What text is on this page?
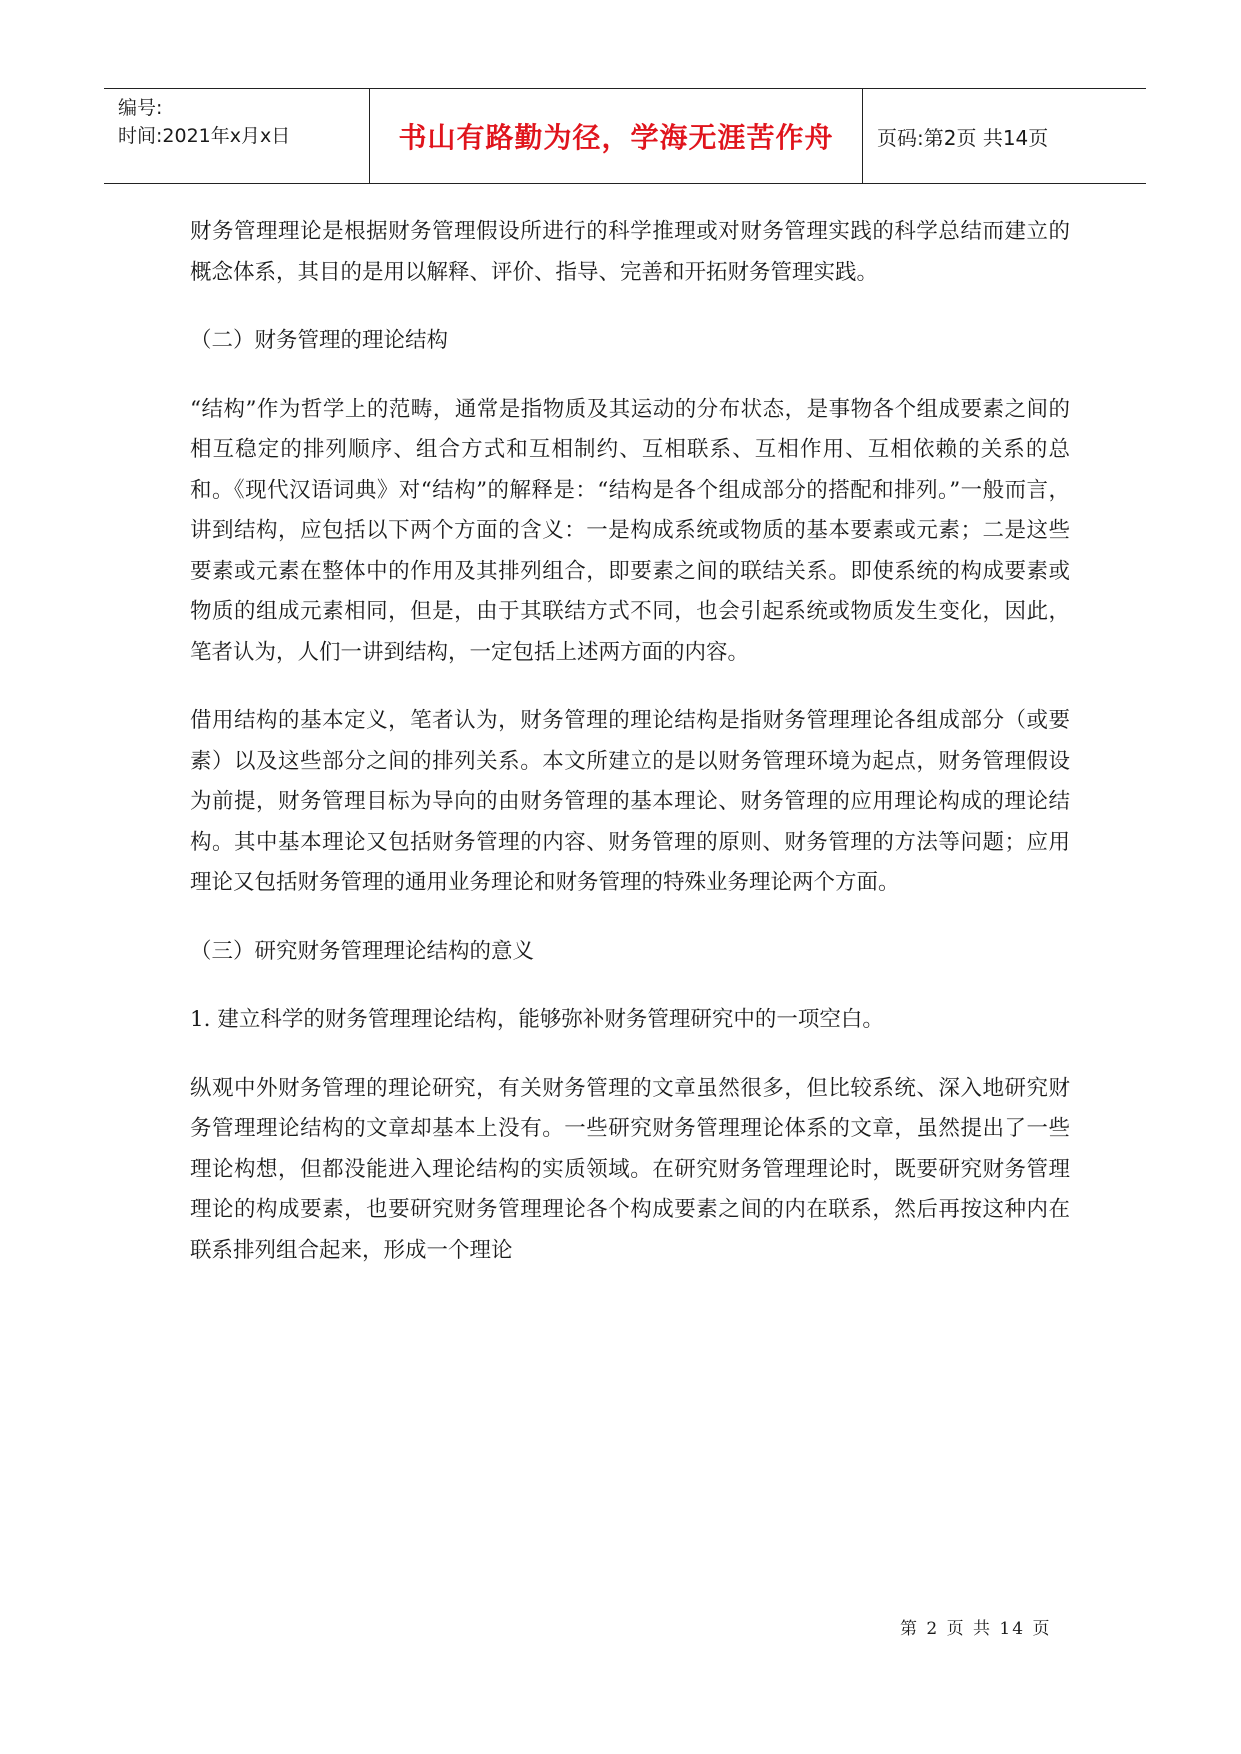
编号:
时间:2021年x月x日	书山有路勤为径，学海无涯苦作舟 页码:第2页 共14页

财务管理理论是根据财务管理假设所进行的科学推理或对财务管理实践的科学总结而建立的概念体系，其目的是用以解释、评价、指导、完善和开拓财务管理实践。

（二）财务管理的理论结构

“结构”作为哲学上的范畴，通常是指物质及其运动的分布状态，是事物各个组成要素之间的相互稳定的排列顺序、组合方式和互相制约、互相联系、互相作用、互相依赖的关系的总和。《现代汉语词典》对“结构”的解释是：“结构是各个组成部分的搭配和排列。”一般而言，讲到结构，应包括以下两个方面的含义：一是构成系统或物质的基本要素或元素；二是这些要素或元素在整体中的作用及其排列组合，即要素之间的联结关系。即使系统的构成要素或物质的组成元素相同，但是，由于其联结方式不同，也会引起系统或物质发生变化，因此，笔者认为，人们一讲到结构，一定包括上述两方面的内容。

借用结构的基本定义，笔者认为，财务管理的理论结构是指财务管理理论各组成部分（或要素）以及这些部分之间的排列关系。本文所建立的是以财务管理环境为起点，财务管理假设为前提，财务管理目标为导向的由财务管理的基本理论、财务管理的应用理论构成的理论结构。其中基本理论又包括财务管理的内容、财务管理的原则、财务管理的方法等问题；应用理论又包括财务管理的通用业务理论和财务管理的特殊业务理论两个方面。

（三）研究财务管理理论结构的意义

1. 建立科学的财务管理理论结构，能够弥补财务管理研究中的一项空白。

纵观中外财务管理的理论研究，有关财务管理的文章虽然很多，但比较系统、深入地研究财务管理理论结构的文章却基本上没有。一些研究财务管理理论体系的文章，虽然提出了一些理论构想，但都没能进入理论结构的实质领域。在研究财务管理理论时，既要研究财务管理理论的构成要素，也要研究财务管理理论各个构成要素之间的内在联系，然后再按这种内在联系排列组合起来，形成一个理论

第 2 页 共 14 页
